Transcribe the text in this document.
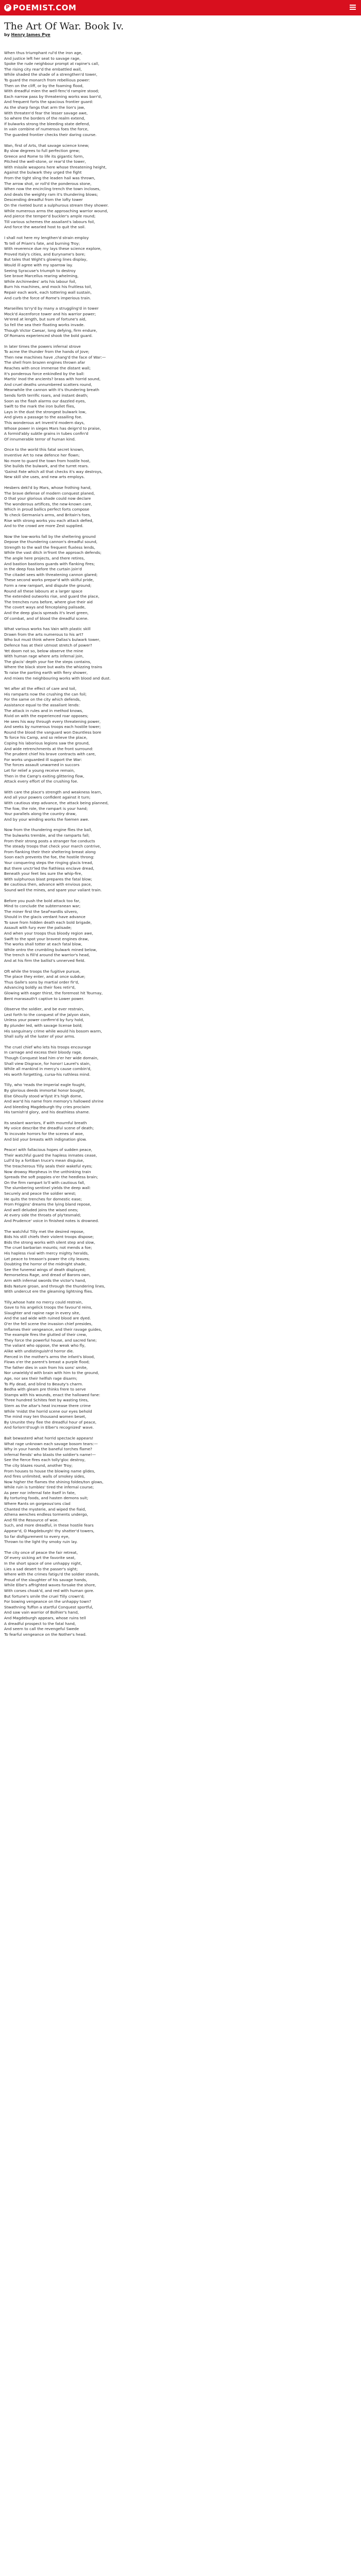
P POEMIST.COM
The Art Of War. Book Iv.
by Henry James Pye
When thus triumphant rul'd the iron age,
And justice left her seat to savage rage,
Spoke the rude neighbour prompt at rapine's call,
The rising city rear'd the embattled wall,
While shaded the shade of a strengthen'd tower,
To guard the monarch from rebellious power:
Then on the cliff, or by the foaming flood,
With dreadful mien the well-fenc'd rampire stood;
Each narrow pass by threatening works was barr'd,
And frequent forts the spacious frontier guard:
As the sharp fangs that arm the lion's jaw,
With threaten'd fear the lesser savage awe,
So where the borders of the realm extend,
If bulwarks strong the bleeding state defend,
In vain combine of numerous foes the force,
The guarded frontier checks their daring course.
Wan, first of Arts, that savage science knew;
By slow degrees to full perfection grew;
Greece and Rome to life its gigantic form,
Pitched the well-stone, or rear'd the tower,
With missile weapons here whose threatening height,
Against the bulwark they urged the fight
From the tight sling the leaden hail was thrown,
The arrow shot, or roll'd the ponderous stone,
When now the encircling trench the town incloses,
And deals the weighty ram it's thundering blows;
Descending dreadful from the lofty tower
On the riveted burst a sulphurous stream they shower.
While numerous arms the approaching warrior wound,
And pierce the temper'd buckler's ample round;
Till various schemes the assailant's labours foil,
And force the wearied host to quit the soil.
I shall not here my lengthen'd strain employ
To tell of Priam's fate, and burning Troy;
With reverence due my lays these science explore,
Proved Italy's cities, and Euryname's bore;
But tales that Wight's glowing lines display,
Would ill agree with my sparrow lay.
Seeing Syracuse's triumph to destroy
See brave Marcellus rearing whelming,
While Archimedes' arts his labour foil,
Burn his machines, and mock his fruitless toil,
Repair each work, each tottering wall sustain,
And curb the force of Rome's imperious train.
Marseilles to'ry'd by many a struggling'd in tower
Mock'd Ascenforce tower and his warrior power;
Ve'ered at length, but sure of fortune's aid,
So fell the sea their floating works invade.
Though Victor Caesar, long defying, firm endure,
Of Romans experienced shook the bold guard.
In later times the powers infernal strove
To acme the thunder from the hands of Jove;
Then new machines have ,chang'd the face of War:—
The shell from brazen engines thrown afar
Reaches with once immense the distant wall;
It's ponderous force enkindled by the ball:
Martis' Inod the ancients? brass with horrid sound,
And cruel deaths unnumbered scatters round,
Meanwhile the cannon with it's thundering breath
Sends forth terrific roars, and instant death;
Soon as the flash alarms our dazzled eyes,
Swift to the mark the iron bullet flies,
Lays in the dust the strongest bulwark low,
And gives a passage to the assailing foe.
This wonderous art Invent'd modern days,
Whose power in sieges Mars has deign'd to praise,
A formid'ably subtle grains in tubes confin'd
Of innumerable terror of human kind.
Once to the world this fatal secret known,
Inventive Art to new defence her flown;
No more to guard the town from hostile host,
She builds the bulwark, and the turret rears.
'Gainst Fate which all that checks it's way destroys,
New skill she uses, and new arts employs.
Hesbers dekl'd by Mars, whose frothing hand,
The brave defense of modern conquest planed,
O that your glorious shade could now declare
The wonderous artifices, the new-known care,
Which in proud ballics perfect forts compose
To check Germania's arms, and Britain's foes,
Rise with strong works you each attack defied,
And to the crowd are more Zest supplied.
Now the low-works fall by the sheltering ground
Depose the thundering cannon's dreadful sound,
Strength to the wall the frequent fluxless lends,
While the vast ditch in'front the approach defends;
The angle here projects, and there retires,
And bastion bastions guards with flanking fires;
In the deep foss before the curtain join'd
The citadel sees with threatening cannon glared;
These second works prepar'd with skilful pride,
Form a new rampart, and dispute the ground;
Round all these labours at a larger space
The extended outworks rise, and guard the place,
The trenches runs before, where give their aid
The covert ways and fenceplaing palisade,
And the deep glacis spreads it's level green,
Of combat, and of blood the dreadful scene.
What various works has Vain with plastic skill
Drawn from the arts numerous to his art?
Who but must think where Dallas's bulwark tower,
Defence has at their utmost stretch of power?
Yet doom not so, below observe the mine
With human rage where arts infernal join,
The glacis' depth your foe the steps contains,
Where the black store but waits the whizzing trains
To raise the parting earth with fiery shower,
And mixes the neighbouring works with blood and dust.
Yet after all the effect of care and toil,
His ramparts now the crushing the can foil;
For the same on the city which defends,
Assistance equal to the assailant lends:
The attack in rules and in method knows,
Rivid on with the experienced roar opposes;
He sees his way through every threatening power,
And seeks by numerous troops each hostile tower;
Round the blood the vanguard won Dauntless bore
To force his Camp, and so relieve the place,
Coping his laborious legions saw the ground,
And wide retrenchments at the front surround:
The prudent chief his brave contracts with care,
For works unguarded ill support the War:
The forces assault unwarned in succors
Let for relief a young receive remain,
Then in the Camp's exiting glittering flow,
Attack every effort of the crushing foe.
With care the place's strength and weakness learn,
And all your powers confident against it turn;
With cautious step advance, the attack being planned,
The fow, the role, the rampart is your hand;
Your parallels along the country draw,
And by your winding works the foemen awe.
Now from the thundering engine flies the ball,
The bulwarks tremble, and the ramparts fall;
From their strong posts a stranger foe conducts
The steady troops that check your march contrive,
From flanking their their sheltering breast along
Soon each prevents the foe, the hostile throng:
Your conquering steps the ringing glacis tread,
But there unctr'led the fiathless enclave dread,
Beneath your feet lies sure the whip-fire,
With sulphurous blast prepares the fatal blow;
Be cautious then, advance with envious pace,
Sound well the mines, and spare your valiant train.
Before you push the bold attack too far,
Mind to conclude the subterranean war;
The miner first the Seaf'eardlis silvero,
Should in the glacis verdant have advance
To save from hidden death each bold brigade,
Assault with fury ever the palisade;
And when your troops thus bloody region awe,
Swift to the spot your bravest engines draw,
The works shall totter at each fatal blow,
While ontro the crumbling bulwark mined below,
The trench is fill'd around the warrior's head,
And at his firm the ballist's unnerved field.
Oft while the troops the fugitive pursue,
The place they enter, and at once subdue;
Thus Galle's sons by martial order fir'd,
Advancing boldly as their foes retir'd,
Glowing with eager thirst, the foremost hit Tournay,
Bent marasauth't captive to Lower power.
Observe the soldier, and be ever restrain,
Lest forth to the conquest of the Jalyon stain,
Unless your power confirm'd by fury hold,
By plunder led, with savage license bold;
His sanguinary crime while would his bosom warm,
Shall sully all the luster of your arms.
The cruel chief who lets his troops encourage
In carnage and excess their bloody rage,
Though Conquest lead him o'er her wide domain,
Shall view Disgrace, for honor! Laurel's stain,
While all mankind in mercy's cause combin'd,
His worth forgetting, cursa-his ruthless mind.
Tilly, who 'reads the Imperial eagle fought,
By glorious deeds immortal honor bought,
Else Ghoully stood w'Ilyst it's high dome,
And war'd his name from memory's hallowed shrine
And bleeding Magdeburgh thy cries proclaim
His tarnish'd glory, and his deathless shame.
Its sealant warriors, if with mournful breath
My voice describe the dreadful scene of death;
To incovate horrors for the scenes of woe,
And bid your breasts with indignation glow.
Peace! with fallacious hopes of sudden peace,
Their watchful guard the hapless inmates cease,
Lull'd by a fortiban truce's mean disguise,
The treacherous Tilly seals their wakeful eyes;
Now drowsy Morpheus in the unthinking train
Spreads the soft poppies o'er the heedless brain;
On the firm rampart lo'll with cautious fall,
The slumbering sentinel yields the deep wall:
Securely and peace the soldier wrest;
He quits the trenches for domestic ease;
From Friggins' dreams the lying bland repose,
And well deluded joins the wised ones;
At every side the throats of ply'tesmald;
And Prudence' voice in finished notes is drowned.
The watchful Tilly met the desired repose,
Bids his still chiefs their violent troops dispose;
Bids the strong works with silent step and slow,
The cruel barbarian mounts; not mends a foe;
His hapless rival with mercy mighty heralds,
Let peace to treason's power the city leaves;
Doubting the horror of the midnight shade,
See the funereal wings of death displayed;
Remorseless Rage, and dread of Barons own,
Arm with infernal swords the victor's hand,
Bids Nature groan, and through the thundering lines,
With undercut ere the gleaming lightning flies.
Tilly,whose hate no mercy could restrain,
Gave to his angelick troops the favour'd reins,
Slaughter and rapine rage in every site,
And the sad wide with ruined blood are dyed.
O'er the fell scene the invasion chief presides,
Inflames their vengeance, and their ravage guides,
The example fires the glutted of their crew,
They force the powerful house, and sacred fane;
The valiant who oppose, the weak who fly,
Alike with undistinguish'd horror die.
Pierced in the mother's arms the infant's blood,
Flows o'er the parent's breast a purple flood;
The father dies in vain from his sons' smite,
Nor unwieldy'd with brain with him to the ground,
Age, nor sex their helfish rage disarm;
To Ply dead, and blind to Beauty's charm.
Bedha with gleam pre thinks frere to serve
Stamps with his wounds, enact the hallowed fane:
Three hundred Schites feet by wasting tires,
Stern as the altar's heat increase there crime
While 'midst the horrid scene our eyes behold
The mind may ten thousand women beset,
By Ununite they flee the dreadful hour of peace,
And forlorn'd'ough in Elber's recognized' wave.
Bait bewasterd what horrid spectacle appears!
What rage unknown each savage bosom tears:—
Why in your hands the baneful torches flame?
Infernal fiends' who blasts the soldier's name!—
See the fierce fires each tolly'gloc destroy,
The city blazes round, another Troy;
From houses to house the blowing name glides,
And fires unlimited, walls of smokey sides,
Now higher the flames the shining foldes/ton glows,
While ruin is tumbles' tired the infernal course;
As peer nor infernal fate itself in fate,
By torturing foods, and hasten demons suit;
Where Rants on gorgeous'ons clad
Chanted the mysterie, and wiped the fiaid,
Athena wenches endless torments undergo,
And fill the Resource of woe.
Such, and more dreadful, in these hostile fears
Appear'd, O Magdeburgh! thy shatter'd towers,
So far disfigurement to every eye,
Thrown to the light thy smoky ruin lay.
The city once of peace the fair retreat,
Of every sicking art the favorite seat,
In the short space of one unhappy night,
Lies a sad desert to the passer's sight;
Where with the crimes fatigu'd the soldier stands,
Proud of the slaughter of his savage hands,
While Elbe's affrighted waves forsake the shore,
With corses choak'd, and red with human gore.
But fortune's smile the cruel Tilly crown'd;
For bowing vengeance on the unhappy town?
Stwathning Tuffon a startful Conquest sportful,
And saw vain warrior of Bolhier's hand,
And Magdeburgh appears, whose ruins tell
A dreadful prospect to the fatal hand,
And seem to call the revengeful Swede
To fearful vengeance on the Nother's head.
